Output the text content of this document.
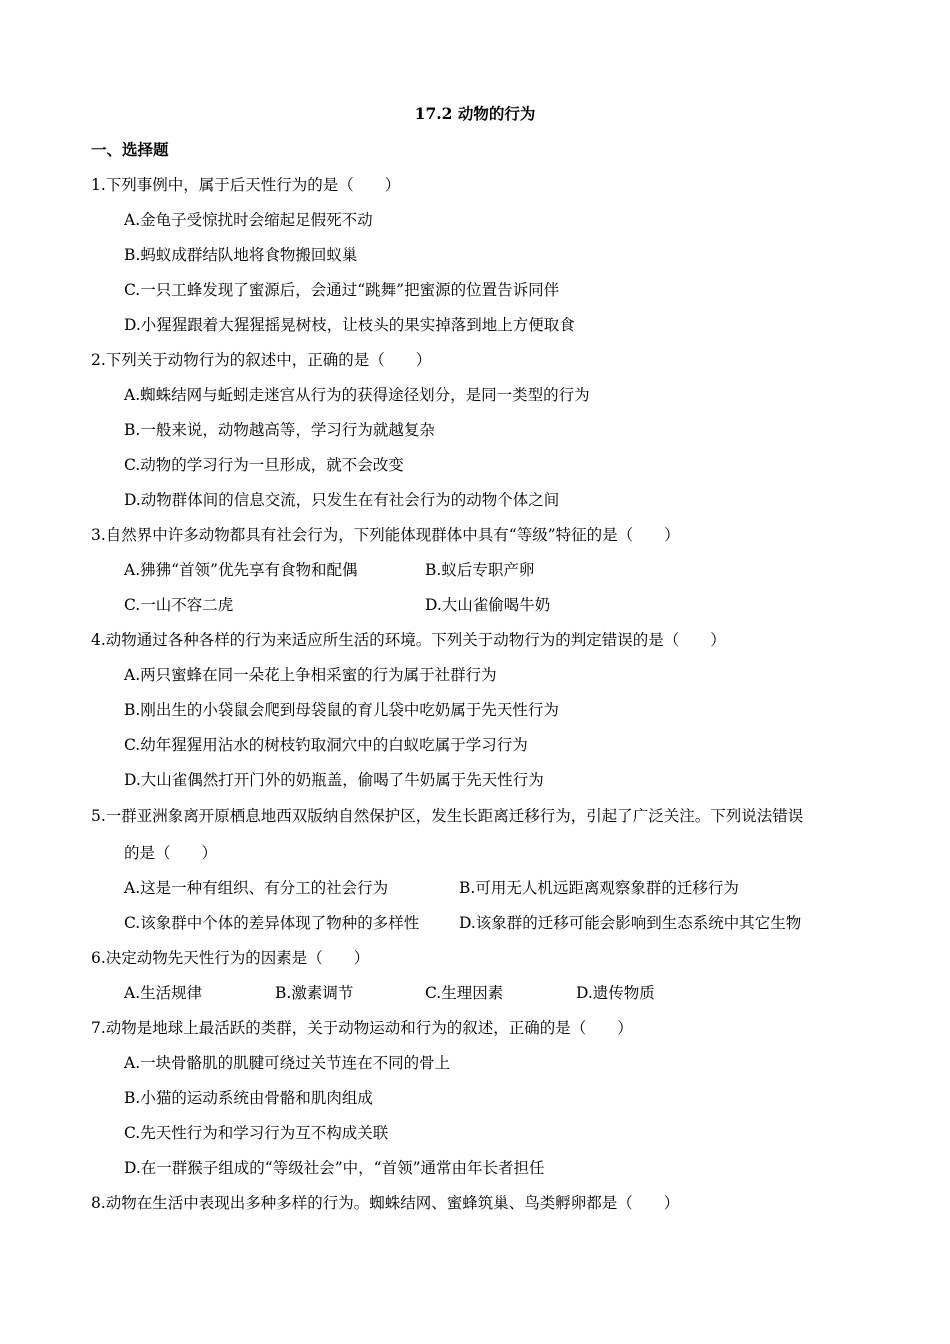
17.2 动物的行为
一、选择题
1.下列事例中，属于后天性行为的是（　　）
A.金龟子受惊扰时会缩起足假死不动
B.蚂蚁成群结队地将食物搬回蚁巢
C.一只工蜂发现了蜜源后，会通过“跳舞”把蜜源的位置告诉同伴
D.小猩猩跟着大猩猩摇晃树枝，让枝头的果实掉落到地上方便取食
2.下列关于动物行为的叙述中，正确的是（　　）
A.蜘蛛结网与蚯蚓走迷宫从行为的获得途径划分，是同一类型的行为
B.一般来说，动物越高等，学习行为就越复杂
C.动物的学习行为一旦形成，就不会改变
D.动物群体间的信息交流，只发生在有社会行为的动物个体之间
3.自然界中许多动物都具有社会行为，下列能体现群体中具有“等级”特征的是（　　）
A.狒狒“首领”优先享有食物和配偶	B.蚁后专职产卵
C.一山不容二虎	D.大山雀偷喝牛奶
4.动物通过各种各样的行为来适应所生活的环境。下列关于动物行为的判定错误的是（　　）
A.两只蜜蜂在同一朵花上争相采蜜的行为属于社群行为
B.刚出生的小袋鼠会爬到母袋鼠的育儿袋中吃奶属于先天性行为
C.幼年猩猩用沾水的树枝钓取洞穴中的白蚁吃属于学习行为
D.大山雀偶然打开门外的奶瓶盖，偷喝了牛奶属于先天性行为
5.一群亚洲象离开原栖息地西双版纳自然保护区，发生长距离迁移行为，引起了广泛关注。下列说法错误
的是（　　）
A.这是一种有组织、有分工的社会行为	B.可用无人机远距离观察象群的迁移行为
C.该象群中个体的差异体现了物种的多样性	D.该象群的迁移可能会影响到生态系统中其它生物
6.决定动物先天性行为的因素是（　　）
A.生活规律	B.激素调节	C.生理因素	D.遗传物质
7.动物是地球上最活跃的类群，关于动物运动和行为的叙述，正确的是（　　）
A.一块骨骼肌的肌腱可绕过关节连在不同的骨上
B.小猫的运动系统由骨骼和肌肉组成
C.先天性行为和学习行为互不构成关联
D.在一群猴子组成的“等级社会”中，“首领”通常由年长者担任
8.动物在生活中表现出多种多样的行为。蜘蛛结网、蜜蜂筑巢、鸟类孵卵都是（　　）
